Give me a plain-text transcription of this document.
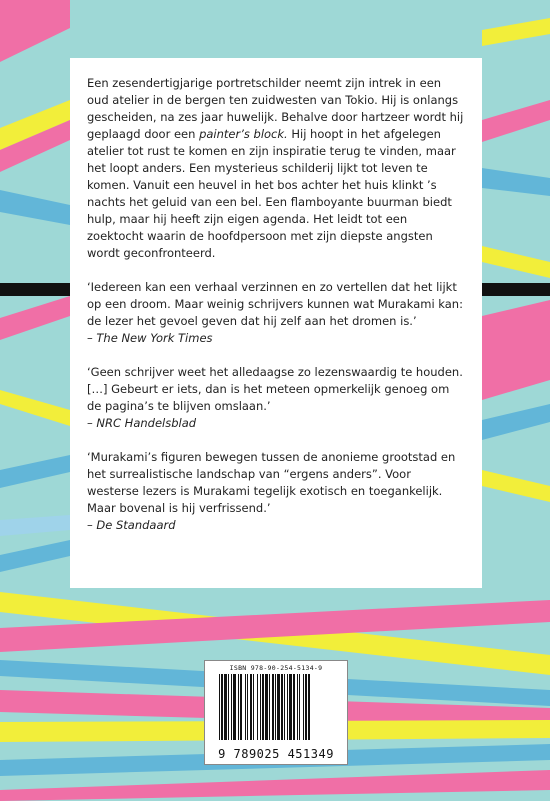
Een zesendertigjarige portretschilder neemt zijn intrek in een oud atelier in de bergen ten zuidwesten van Tokio. Hij is onlangs gescheiden, na zes jaar huwelijk. Behalve door hartzeer wordt hij geplaagd door een painter’s block. Hij hoopt in het afgelegen atelier tot rust te komen en zijn inspiratie terug te vinden, maar het loopt anders. Een mysterieus schilderij lijkt tot leven te komen. Vanuit een heuvel in het bos achter het huis klinkt ’s nachts het geluid van een bel. Een flamboyante buurman biedt hulp, maar hij heeft zijn eigen agenda. Het leidt tot een zoektocht waarin de hoofdpersoon met zijn diepste angsten wordt geconfronteerd.

‘Iedereen kan een verhaal verzinnen en zo vertellen dat het lijkt op een droom. Maar weinig schrijvers kunnen wat Murakami kan: de lezer het gevoel geven dat hij zelf aan het dromen is.’
– The New York Times

‘Geen schrijver weet het alledaagse zo lezenswaardig te houden. […] Gebeurt er iets, dan is het meteen opmerkelijk genoeg om de pagina’s te blijven omslaan.’
– NRC Handelsblad

‘Murakami’s figuren bewegen tussen de anonieme grootstad en het surrealistische landschap van “ergens anders”. Voor westerse lezers is Murakami tegelijk exotisch en toegankelijk. Maar bovenal is hij verfrissend.’
– De Standaard

ISBN 978-90-254-5134-9
9 789025 451349
